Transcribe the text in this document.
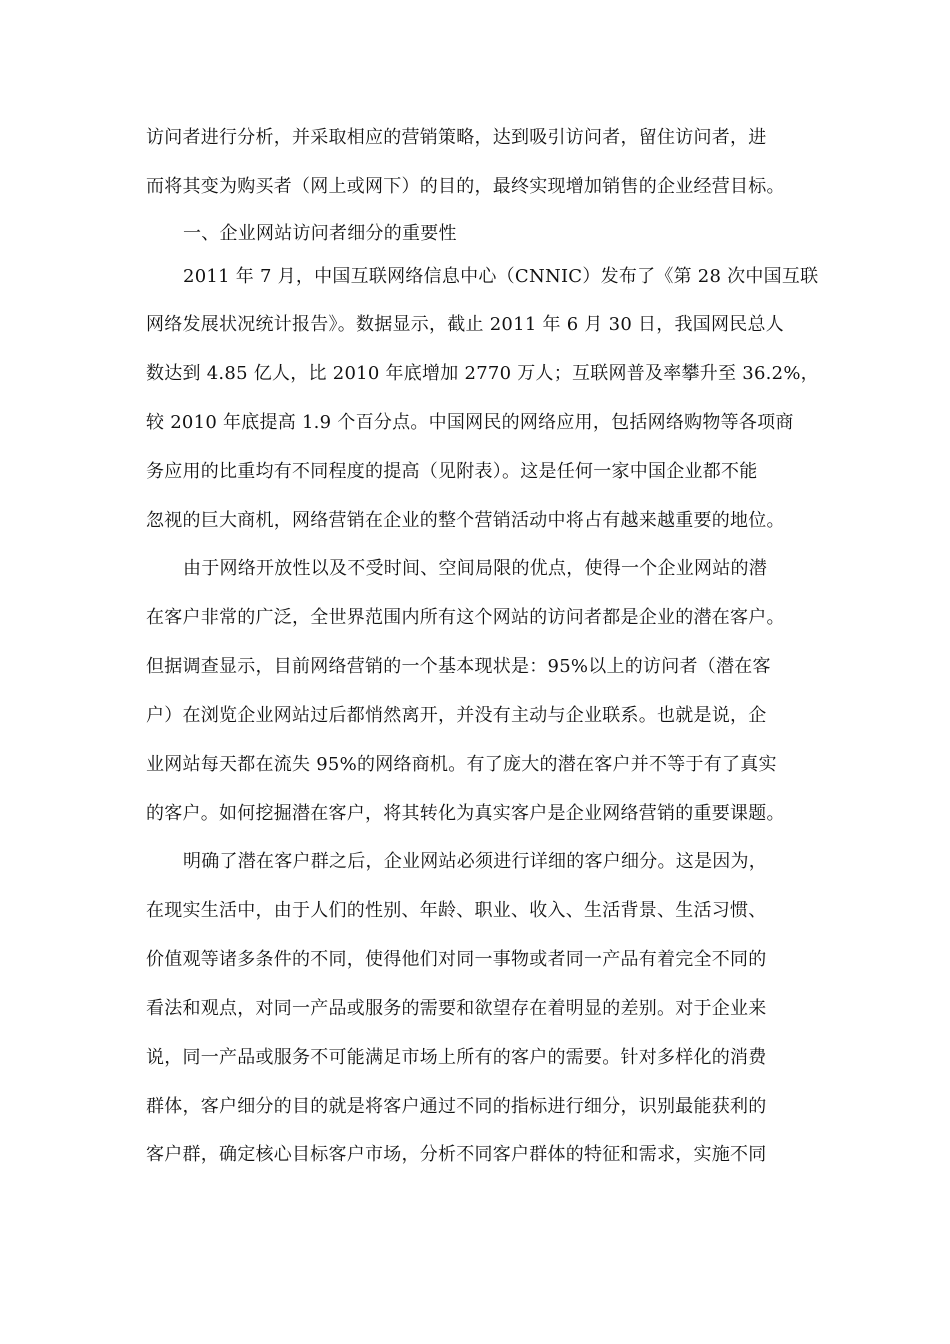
访问者进行分析，并采取相应的营销策略，达到吸引访问者，留住访问者，进
而将其变为购买者（网上或网下）的目的，最终实现增加销售的企业经营目标。
一、企业网站访问者细分的重要性
2011 年 7 月，中国互联网络信息中心（CNNIC）发布了《第 28 次中国互联
网络发展状况统计报告》。数据显示，截止 2011 年 6 月 30 日，我国网民总人
数达到 4.85 亿人，比 2010 年底增加 2770 万人；互联网普及率攀升至 36.2%，
较 2010 年底提高 1.9 个百分点。中国网民的网络应用，包括网络购物等各项商
务应用的比重均有不同程度的提高（见附表）。这是任何一家中国企业都不能
忽视的巨大商机，网络营销在企业的整个营销活动中将占有越来越重要的地位。
由于网络开放性以及不受时间、空间局限的优点，使得一个企业网站的潜
在客户非常的广泛，全世界范围内所有这个网站的访问者都是企业的潜在客户。
但据调查显示，目前网络营销的一个基本现状是：95%以上的访问者（潜在客
户）在浏览企业网站过后都悄然离开，并没有主动与企业联系。也就是说，企
业网站每天都在流失 95%的网络商机。有了庞大的潜在客户并不等于有了真实
的客户。如何挖掘潜在客户，将其转化为真实客户是企业网络营销的重要课题。
明确了潜在客户群之后，企业网站必须进行详细的客户细分。这是因为，
在现实生活中，由于人们的性别、年龄、职业、收入、生活背景、生活习惯、
价值观等诸多条件的不同，使得他们对同一事物或者同一产品有着完全不同的
看法和观点，对同一产品或服务的需要和欲望存在着明显的差别。对于企业来
说，同一产品或服务不可能满足市场上所有的客户的需要。针对多样化的消费
群体，客户细分的目的就是将客户通过不同的指标进行细分，识别最能获利的
客户群，确定核心目标客户市场，分析不同客户群体的特征和需求，实施不同
